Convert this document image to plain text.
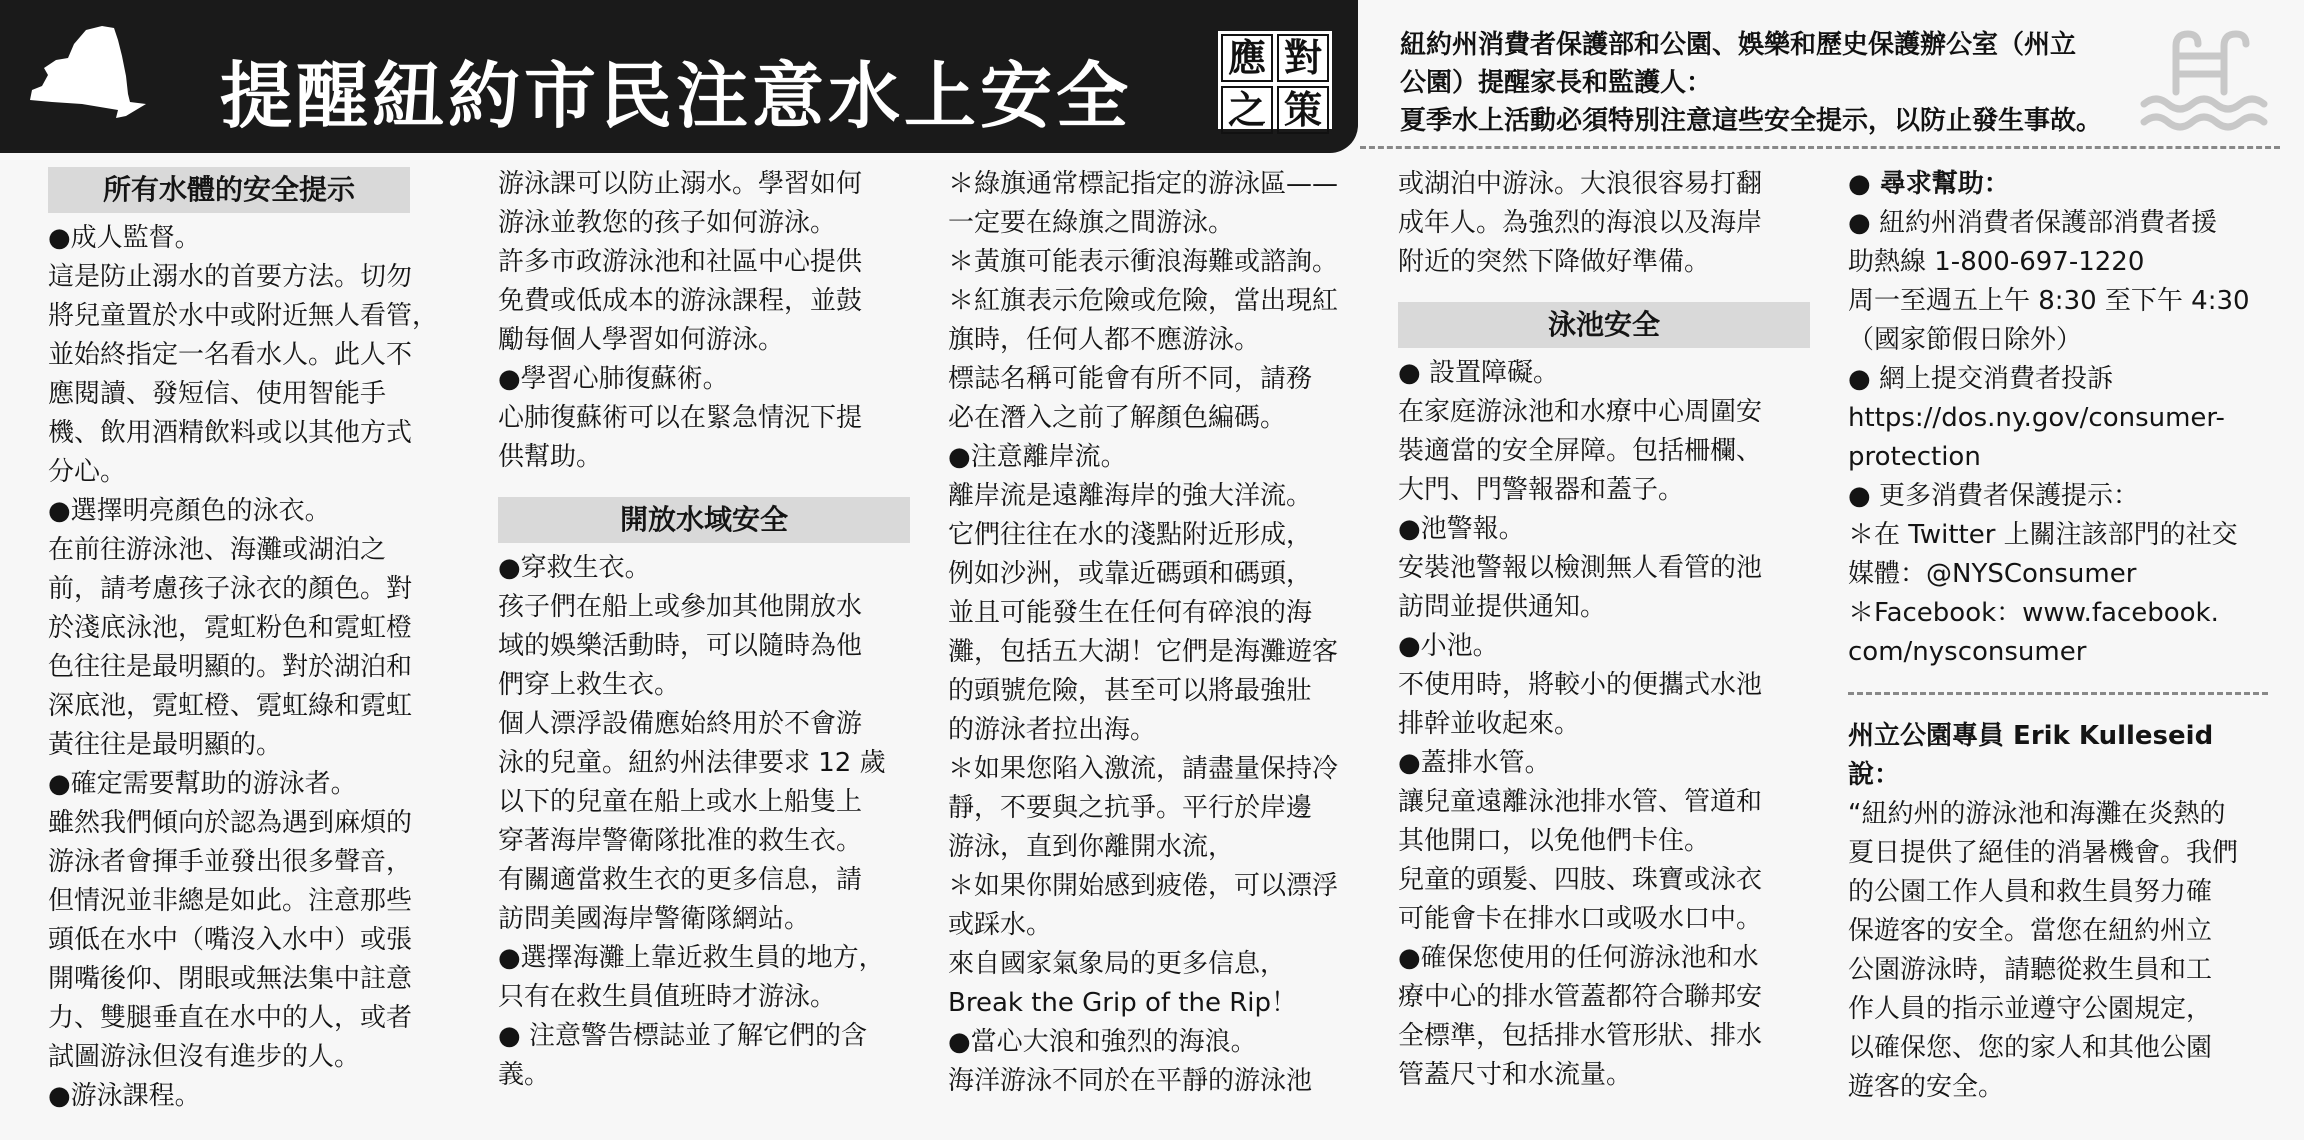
提醒紐約市民注意水上安全	應 對
之 策

紐約州消費者保護部和公園、娛樂和歷史保護辦公室（州立

公園）提醒家長和監護人：

夏季水上活動必須特別注意這些安全提示，以防止發生事故。

所有水體的安全提示

●成人監督。

這是防止溺水的首要方法。切勿

將兒童置於水中或附近無人看管，

並始終指定一名看水人。此人不

應閱讀、發短信、使用智能手

機、飲用酒精飲料或以其他方式

分心。

●選擇明亮顏色的泳衣。

在前往游泳池、海灘或湖泊之

前，請考慮孩子泳衣的顏色。對

於淺底泳池，霓虹粉色和霓虹橙

色往往是最明顯的。對於湖泊和

深底池，霓虹橙、霓虹綠和霓虹

黃往往是最明顯的。

●確定需要幫助的游泳者。

雖然我們傾向於認為遇到麻煩的

游泳者會揮手並發出很多聲音，

但情況並非總是如此。注意那些

頭低在水中（嘴沒入水中）或張

開嘴後仰、閉眼或無法集中註意

力、雙腿垂直在水中的人，或者

試圖游泳但沒有進步的人。

●游泳課程。

游泳課可以防止溺水。學習如何

游泳並教您的孩子如何游泳。

許多市政游泳池和社區中心提供

免費或低成本的游泳課程，並鼓

勵每個人學習如何游泳。

●學習心肺復蘇術。

心肺復蘇術可以在緊急情況下提

供幫助。

開放水域安全

●穿救生衣。

孩子們在船上或參加其他開放水

域的娛樂活動時，可以隨時為他

們穿上救生衣。

個人漂浮設備應始終用於不會游

泳的兒童。紐約州法律要求 12 歲

以下的兒童在船上或水上船隻上

穿著海岸警衛隊批准的救生衣。

有關適當救生衣的更多信息，請

訪問美國海岸警衛隊網站。

●選擇海灘上靠近救生員的地方，

只有在救生員值班時才游泳。

● 注意警告標誌並了解它們的含

義。

＊綠旗通常標記指定的游泳區——

一定要在綠旗之間游泳。

＊黃旗可能表示衝浪海難或諮詢。

＊紅旗表示危險或危險，當出現紅

旗時，任何人都不應游泳。

標誌名稱可能會有所不同，請務

必在潛入之前了解顏色編碼。

●注意離岸流。

離岸流是遠離海岸的強大洋流。

它們往往在水的淺點附近形成，

例如沙洲，或靠近碼頭和碼頭，

並且可能發生在任何有碎浪的海

灘，包括五大湖！它們是海灘遊客

的頭號危險，甚至可以將最強壯

的游泳者拉出海。

＊如果您陷入激流，請盡量保持冷

靜，不要與之抗爭。平行於岸邊

游泳，直到你離開水流，

＊如果你開始感到疲倦，可以漂浮

或踩水。

來自國家氣象局的更多信息，

Break the Grip of the Rip！

●當心大浪和強烈的海浪。

海洋游泳不同於在平靜的游泳池

或湖泊中游泳。大浪很容易打翻

成年人。為強烈的海浪以及海岸

附近的突然下降做好準備。

泳池安全

● 設置障礙。

在家庭游泳池和水療中心周圍安

裝適當的安全屏障。包括柵欄、

大門、門警報器和蓋子。

●池警報。

安裝池警報以檢測無人看管的池

訪問並提供通知。

●小池。

不使用時，將較小的便攜式水池

排幹並收起來。

●蓋排水管。

讓兒童遠離泳池排水管、管道和

其他開口，以免他們卡住。

兒童的頭髮、四肢、珠寶或泳衣

可能會卡在排水口或吸水口中。

●確保您使用的任何游泳池和水

療中心的排水管蓋都符合聯邦安

全標準，包括排水管形狀、排水

管蓋尺寸和水流量。

● 尋求幫助：

● 紐約州消費者保護部消費者援

助熱線 1-800-697-1220

周一至週五上午 8:30 至下午 4:30

（國家節假日除外）

● 網上提交消費者投訴

https://dos.ny.gov/consumer-

protection

● 更多消費者保護提示：

＊在 Twitter 上關注該部門的社交

媒體：@NYSConsumer

＊Facebook：www.facebook.

com/nysconsumer

州立公園專員 Erik Kulleseid 說：

“紐約州的游泳池和海灘在炎熱的

夏日提供了絕佳的消暑機會。我們

的公園工作人員和救生員努力確

保遊客的安全。當您在紐約州立

公園游泳時，請聽從救生員和工

作人員的指示並遵守公園規定，

以確保您、您的家人和其他公園

遊客的安全。
